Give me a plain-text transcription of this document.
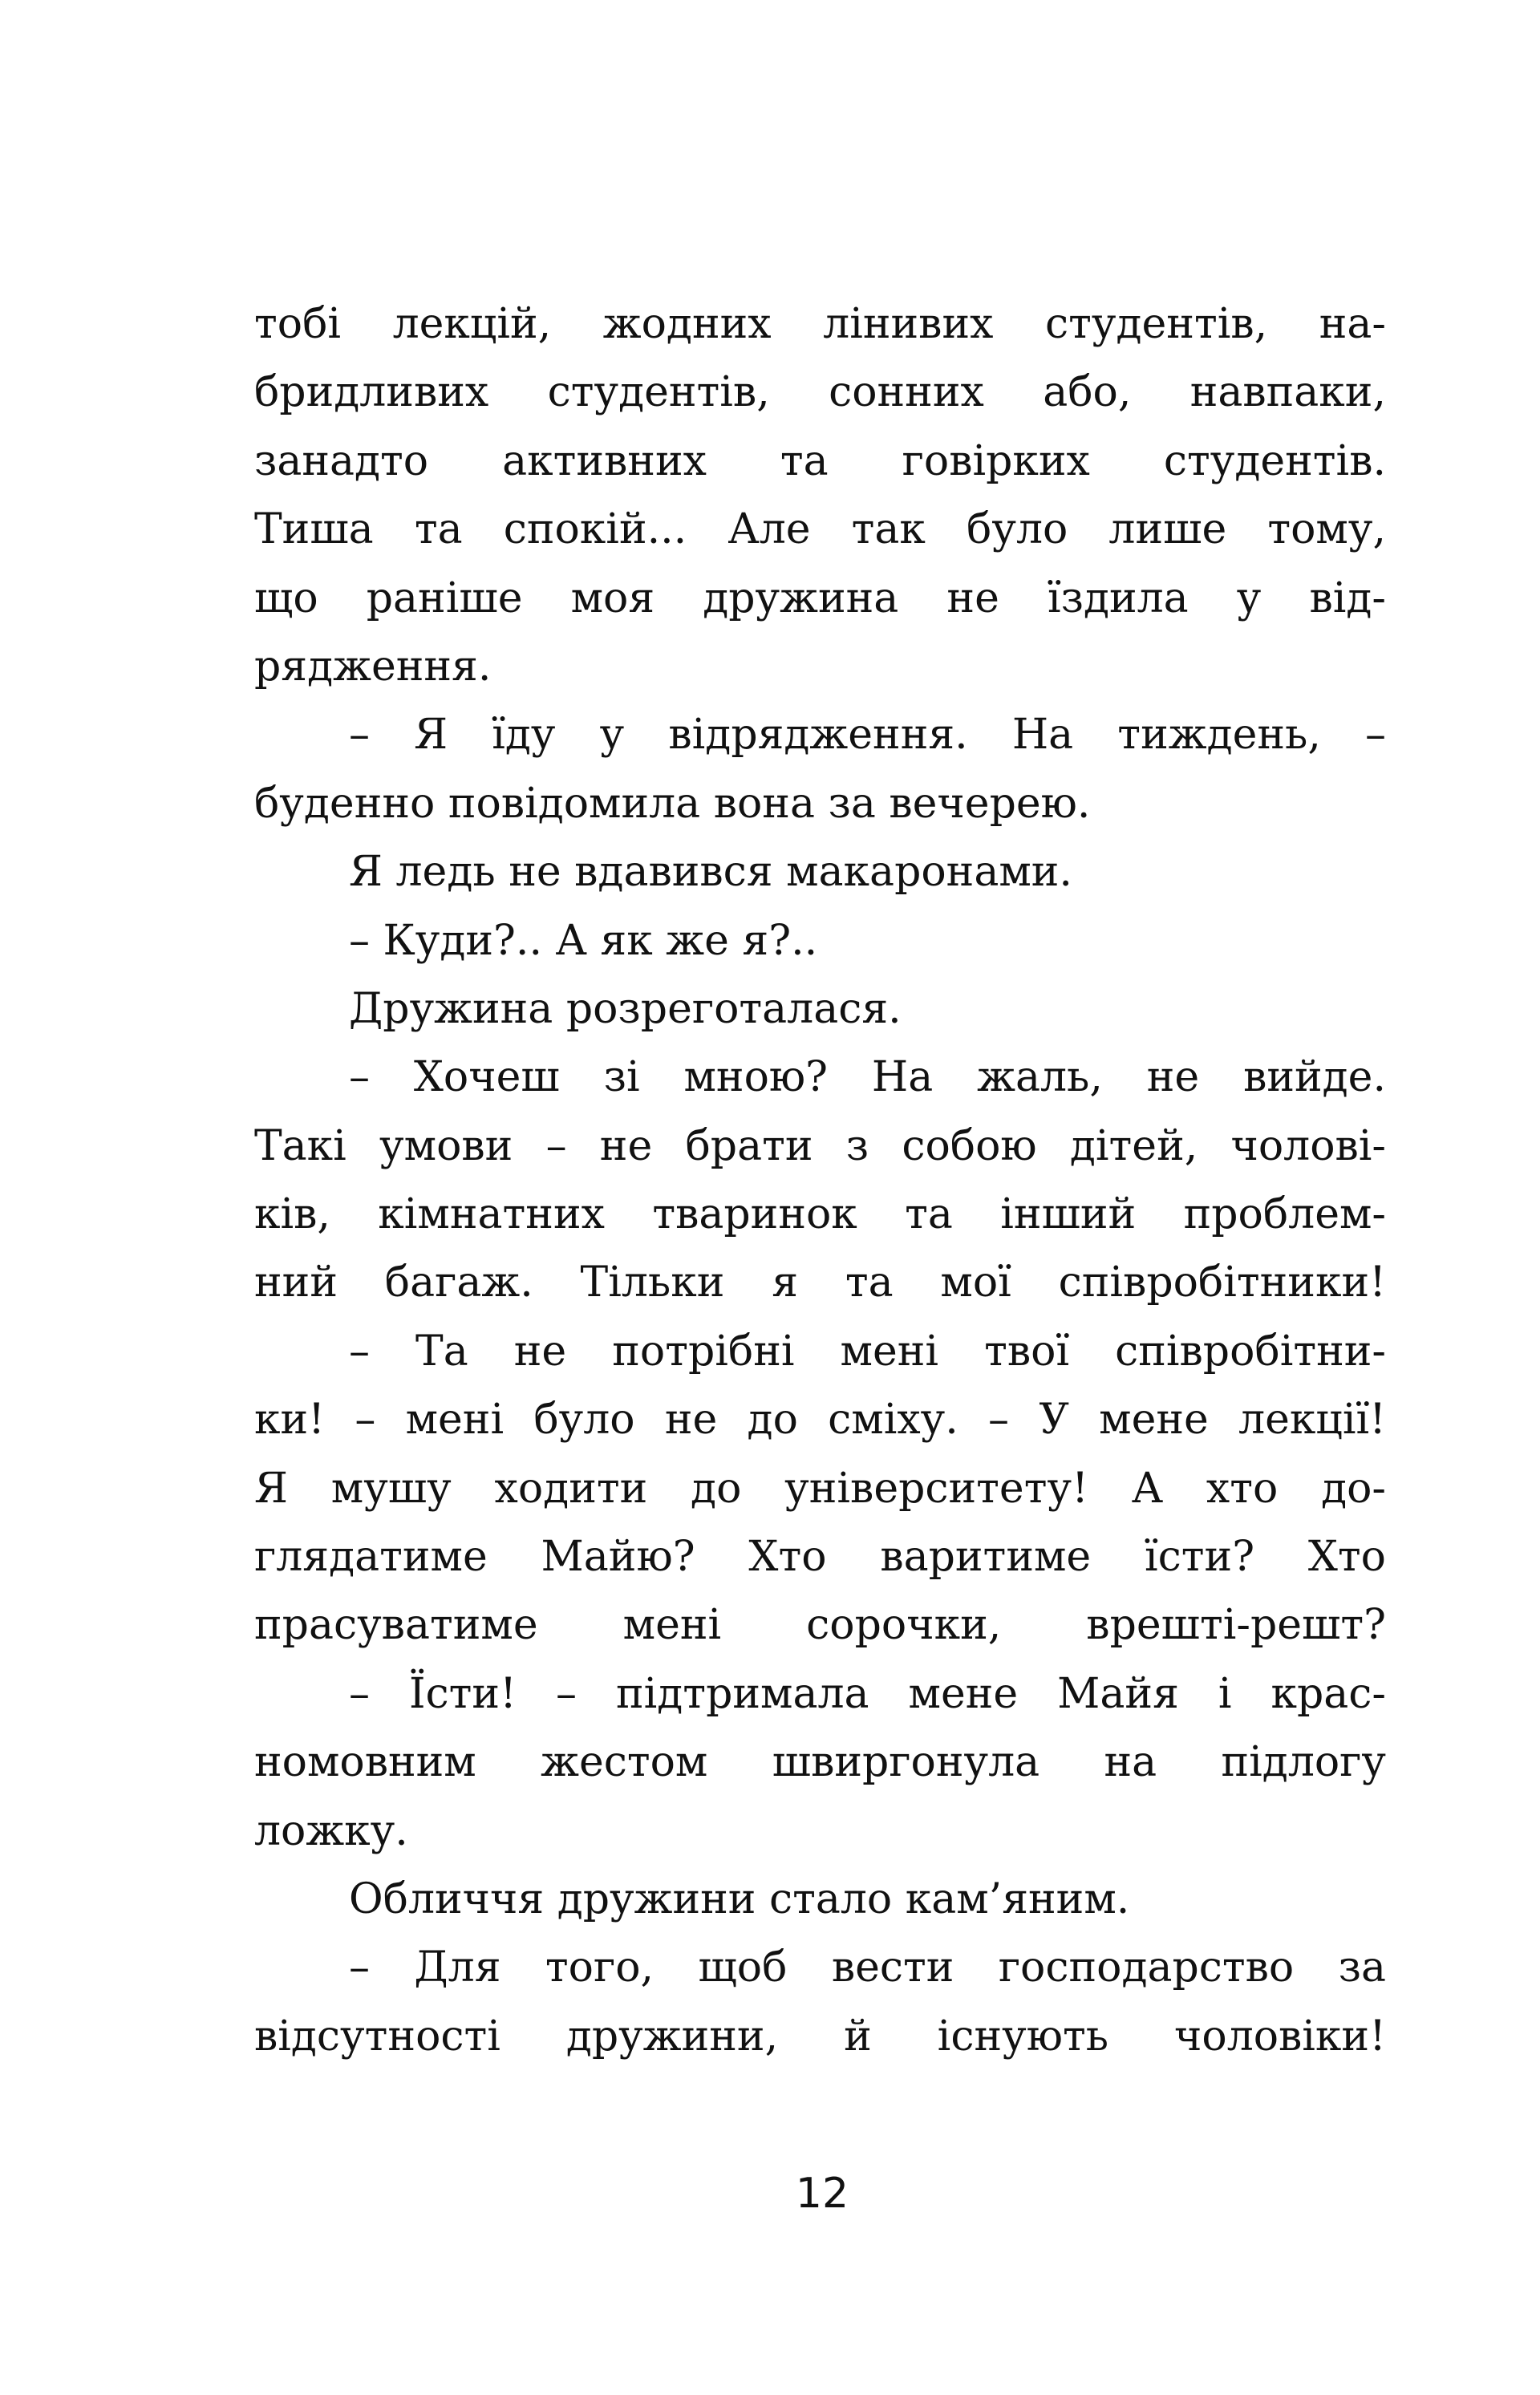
тобі лекцій, жодних лінивих студентів, на-
бридливих студентів, сонних або, навпаки,
занадто активних та говірких студентів.
Тиша та спокій... Але так було лише тому,
що раніше моя дружина не їздила у від-
рядження.
– Я їду у відрядження. На тиждень, –
буденно повідомила вона за вечерею.
Я ледь не вдавився макаронами.
– Куди?.. А як же я?..
Дружина розреготалася.
– Хочеш зі мною? На жаль, не вийде.
Такі умови – не брати з собою дітей, чолові-
ків, кімнатних тваринок та інший проблем-
ний багаж. Тільки я та мої співробітники!
– Та не потрібні мені твої співробітни-
ки! – мені було не до сміху. – У мене лекції!
Я мушу ходити до університету! А хто до-
глядатиме Майю? Хто варитиме їсти? Хто
прасуватиме мені сорочки, врешті-решт?
– Їсти! – підтримала мене Майя і крас-
номовним жестом швиргонула на підлогу
ложку.
Обличчя дружини стало кам’яним.
– Для того, щоб вести господарство за
відсутності дружини, й існують чоловіки!
12
